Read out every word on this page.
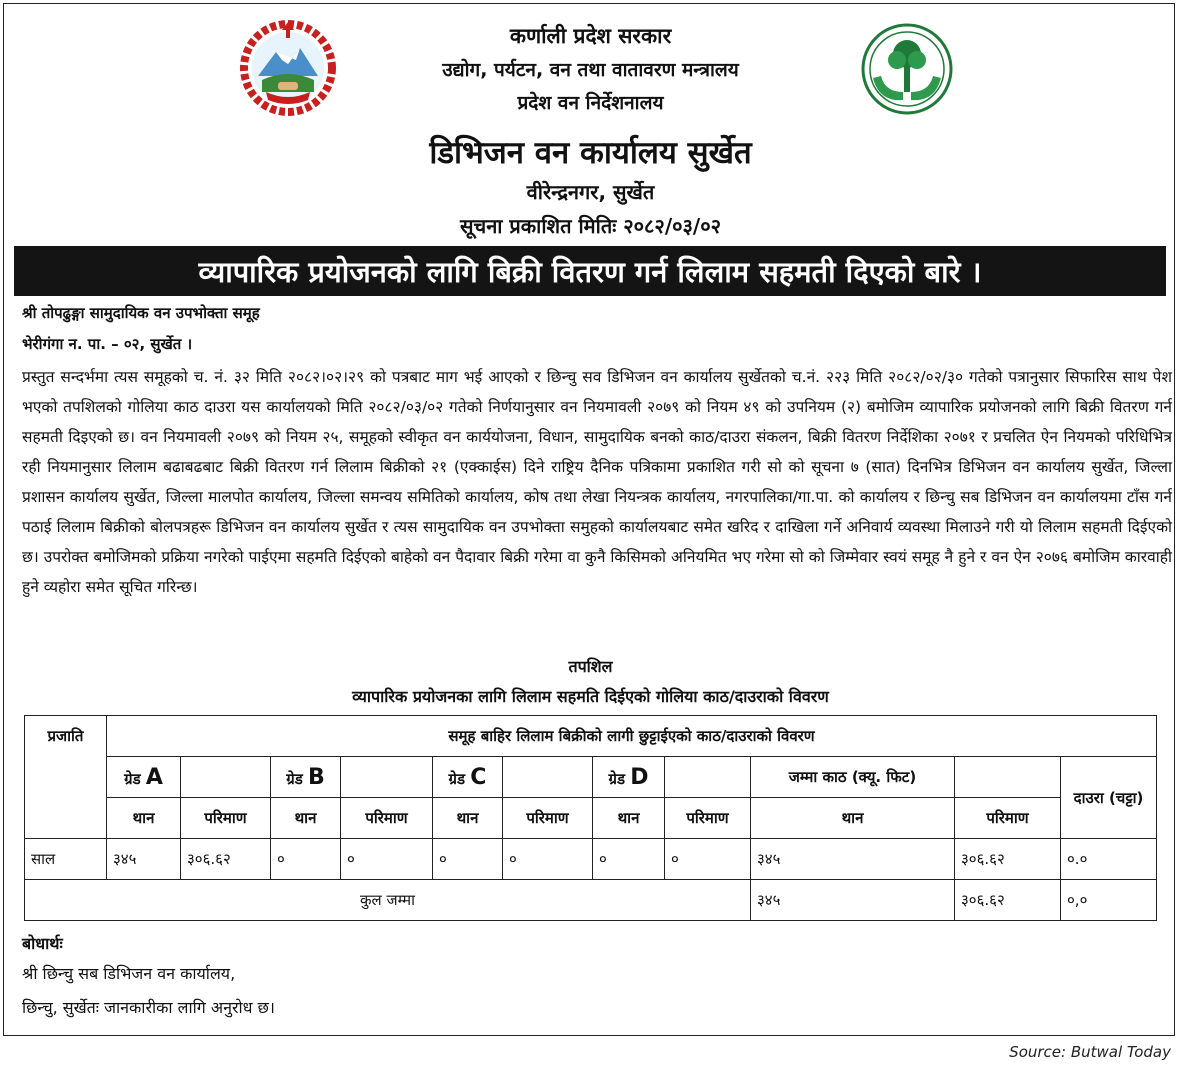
कर्णाली प्रदेश सरकार
उद्योग, पर्यटन, वन तथा वातावरण मन्त्रालय
प्रदेश वन निर्देशनालय
डिभिजन वन कार्यालय सुर्खेत
वीरेन्द्रनगर, सुर्खेत
सूचना प्रकाशित मितिः २०८२/०३/०२
व्यापारिक प्रयोजनको लागि बिक्री वितरण गर्न लिलाम सहमती दिएको बारे ।
श्री तोपढुङ्गा सामुदायिक वन उपभोक्ता समूह
भेरीगंगा न. पा. – ०२, सुर्खेत ।

प्रस्तुत सन्दर्भमा त्यस समूहको च. नं. ३२ मिति २०८२।०२।२९ को पत्रबाट माग भई आएको र छिन्चु सव डिभिजन वन कार्यालय सुर्खेतको च.नं. २२३ मिति २०८२/०२/३० गतेको पत्रानुसार सिफारिस साथ पेश भएको तपशिलको गोलिया काठ दाउरा यस कार्यालयको मिति २०८२/०३/०२ गतेको निर्णयानुसार वन नियमावली २०७९ को नियम ४९ को उपनियम (२) बमोजिम व्यापारिक प्रयोजनको लागि बिक्री वितरण गर्न सहमती दिइएको छ। वन नियमावली २०७९ को नियम २५, समूहको स्वीकृत वन कार्ययोजना, विधान, सामुदायिक बनको काठ/दाउरा संकलन, बिक्री वितरण निर्देशिका २०७१ र प्रचलित ऐन नियमको परिधिभित्र रही नियमानुसार लिलाम बढाबढबाट बिक्री वितरण गर्न लिलाम बिक्रीको २१ (एक्काईस) दिने राष्ट्रिय दैनिक पत्रिकामा प्रकाशित गरी सो को सूचना ७ (सात) दिनभित्र डिभिजन वन कार्यालय सुर्खेत, जिल्ला प्रशासन कार्यालय सुर्खेत, जिल्ला मालपोत कार्यालय, जिल्ला समन्वय समितिको कार्यालय, कोष तथा लेखा नियन्त्रक कार्यालय, नगरपालिका/गा.पा. को कार्यालय र छिन्चु सब डिभिजन वन कार्यालयमा टाँस गर्न पठाई लिलाम बिक्रीको बोलपत्रहरू डिभिजन वन कार्यालय सुर्खेत र त्यस सामुदायिक वन उपभोक्ता समुहको कार्यालयबाट समेत खरिद र दाखिला गर्ने अनिवार्य व्यवस्था मिलाउने गरी यो लिलाम सहमती दिईएको छ। उपरोक्त बमोजिमको प्रक्रिया नगरेको पाईएमा सहमति दिईएको बाहेको वन पैदावार बिक्री गरेमा वा कुनै किसिमको अनियमित भए गरेमा सो को जिम्मेवार स्वयं समूह नै हुने र वन ऐन २०७६ बमोजिम कारवाही हुने व्यहोरा समेत सूचित गरिन्छ।

तपशिल
व्यापारिक प्रयोजनका लागि लिलाम सहमति दिईएको गोलिया काठ/दाउराको विवरण
प्रजाति	समूह बाहिर लिलाम बिक्रीको लागी छुट्टाईएको काठ/दाउराको विवरण										
	ग्रेड A		ग्रेड B		ग्रेड C		ग्रेड D		जम्मा काठ (क्यू. फिट)		दाउरा (चट्टा)
	थान	परिमाण	थान	परिमाण	थान	परिमाण	थान	परिमाण	थान	परिमाण	
साल	३४५	३०६.६२	०	०	०	०	०	०	३४५	३०६.६२	०.०
कुल जम्मा									३४५	३०६.६२	०,०
बोधार्थः
श्री छिन्चु सब डिभिजन वन कार्यालय,
छिन्चु, सुर्खेतः जानकारीका लागि अनुरोध छ।
Source: Butwal Today
